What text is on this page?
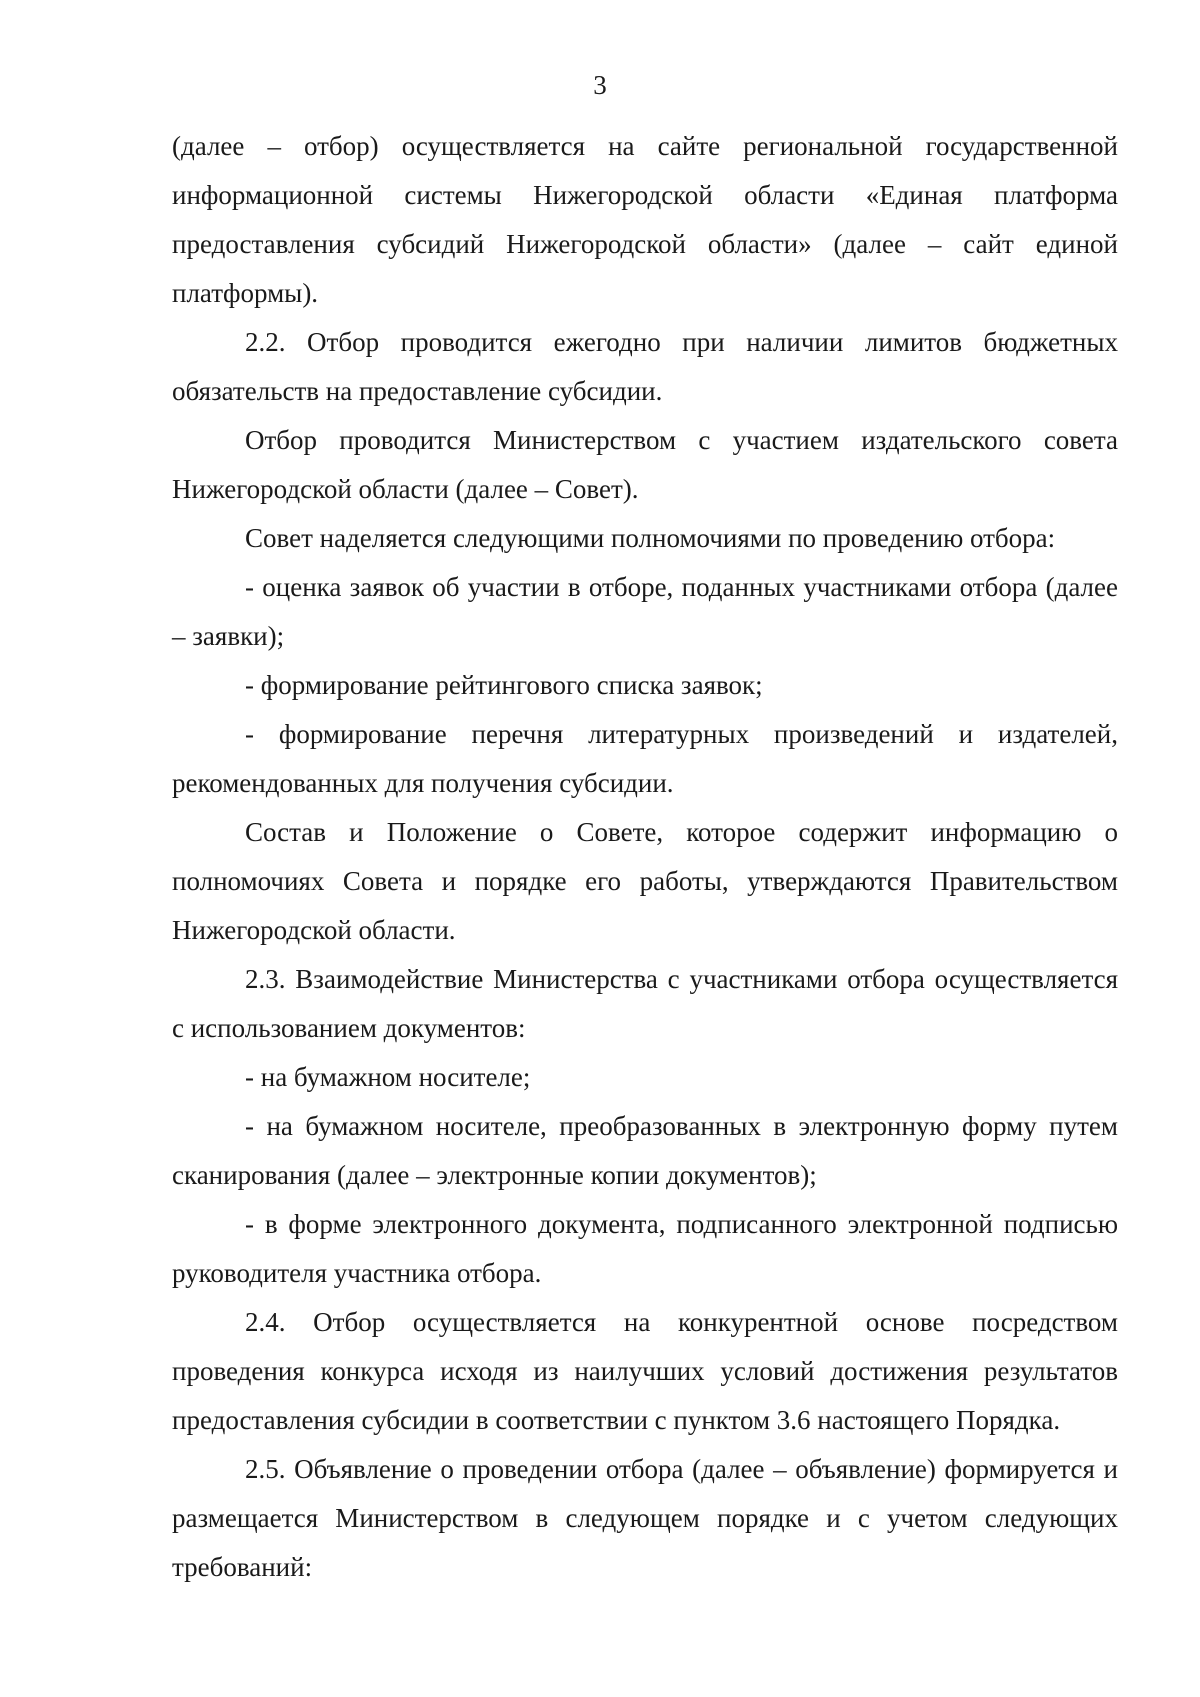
3

(далее – отбор) осуществляется на сайте региональной государственной информационной системы Нижегородской области «Единая платформа предоставления субсидий Нижегородской области» (далее – сайт единой платформы).

2.2. Отбор проводится ежегодно при наличии лимитов бюджетных обязательств на предоставление субсидии.

Отбор проводится Министерством с участием издательского совета Нижегородской области (далее – Совет).

Совет наделяется следующими полномочиями по проведению отбора:

- оценка заявок об участии в отборе, поданных участниками отбора (далее – заявки);

- формирование рейтингового списка заявок;

- формирование перечня литературных произведений и издателей, рекомендованных для получения субсидии.

Состав и Положение о Совете, которое содержит информацию о полномочиях Совета и порядке его работы, утверждаются Правительством Нижегородской области.

2.3. Взаимодействие Министерства с участниками отбора осуществляется с использованием документов:

- на бумажном носителе;

- на бумажном носителе, преобразованных в электронную форму путем сканирования (далее – электронные копии документов);

- в форме электронного документа, подписанного электронной подписью руководителя участника отбора.

2.4. Отбор осуществляется на конкурентной основе посредством проведения конкурса исходя из наилучших условий достижения результатов предоставления субсидии в соответствии с пунктом 3.6 настоящего Порядка.

2.5. Объявление о проведении отбора (далее – объявление) формируется и размещается Министерством в следующем порядке и с учетом следующих требований:
